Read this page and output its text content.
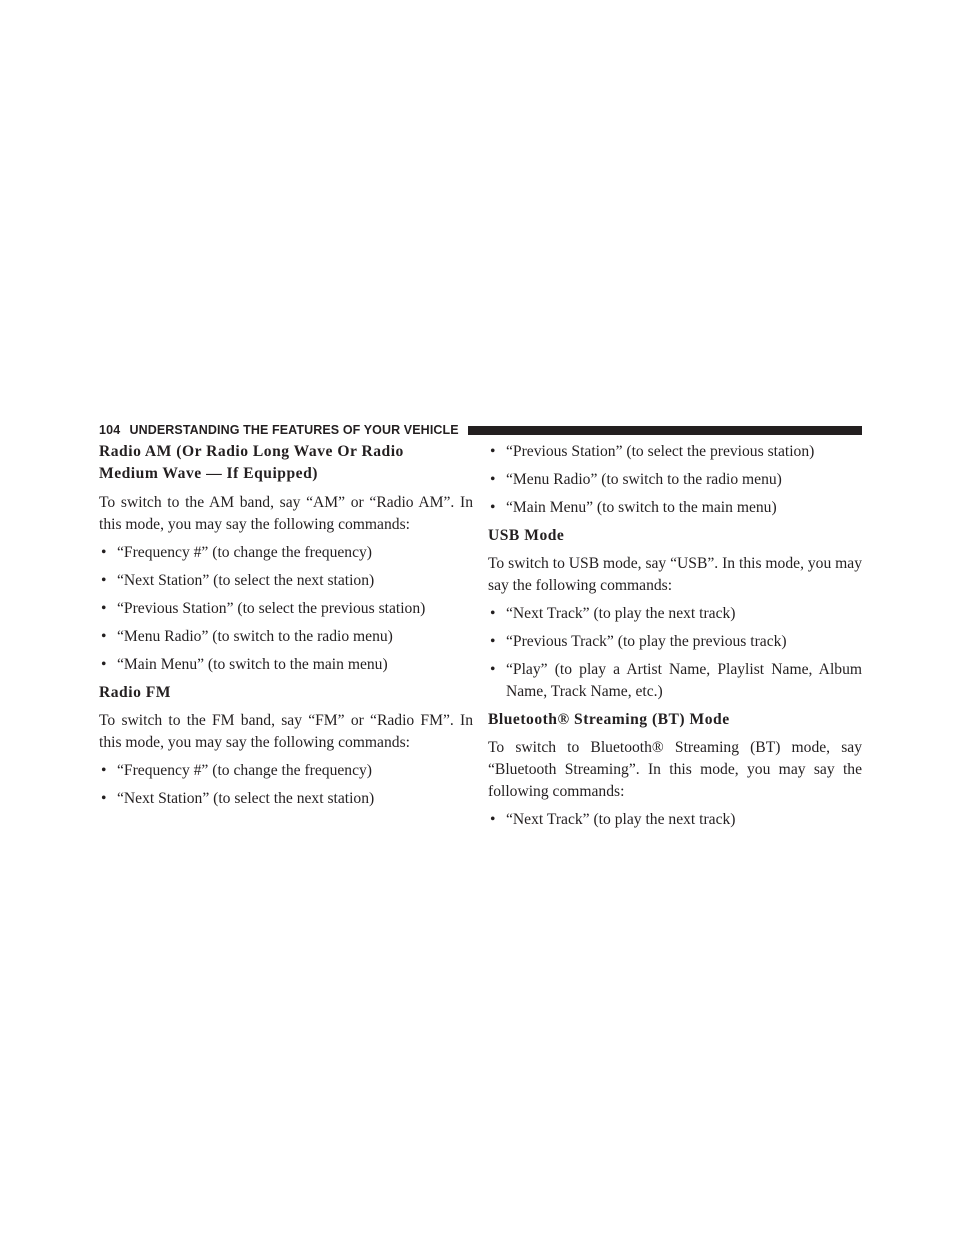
104 UNDERSTANDING THE FEATURES OF YOUR VEHICLE
Radio AM (Or Radio Long Wave Or Radio
Medium Wave — If Equipped)

To switch to the AM band, say “AM” or “Radio AM”. In this mode, you may say the following commands:

• “Frequency #” (to change the frequency)
• “Next Station” (to select the next station)
• “Previous Station” (to select the previous station)
• “Menu Radio” (to switch to the radio menu)
• “Main Menu” (to switch to the main menu)
Radio FM

To switch to the FM band, say “FM” or “Radio FM”. In this mode, you may say the following commands:

• “Frequency #” (to change the frequency)
• “Next Station” (to select the next station)
• “Previous Station” (to select the previous station)
• “Menu Radio” (to switch to the radio menu)
• “Main Menu” (to switch to the main menu)
USB Mode

To switch to USB mode, say “USB”. In this mode, you may say the following commands:

• “Next Track” (to play the next track)
• “Previous Track” (to play the previous track)
• “Play” (to play a Artist Name, Playlist Name, Album Name, Track Name, etc.)
Bluetooth® Streaming (BT) Mode

To switch to Bluetooth® Streaming (BT) mode, say “Bluetooth Streaming”. In this mode, you may say the following commands:

• “Next Track” (to play the next track)
